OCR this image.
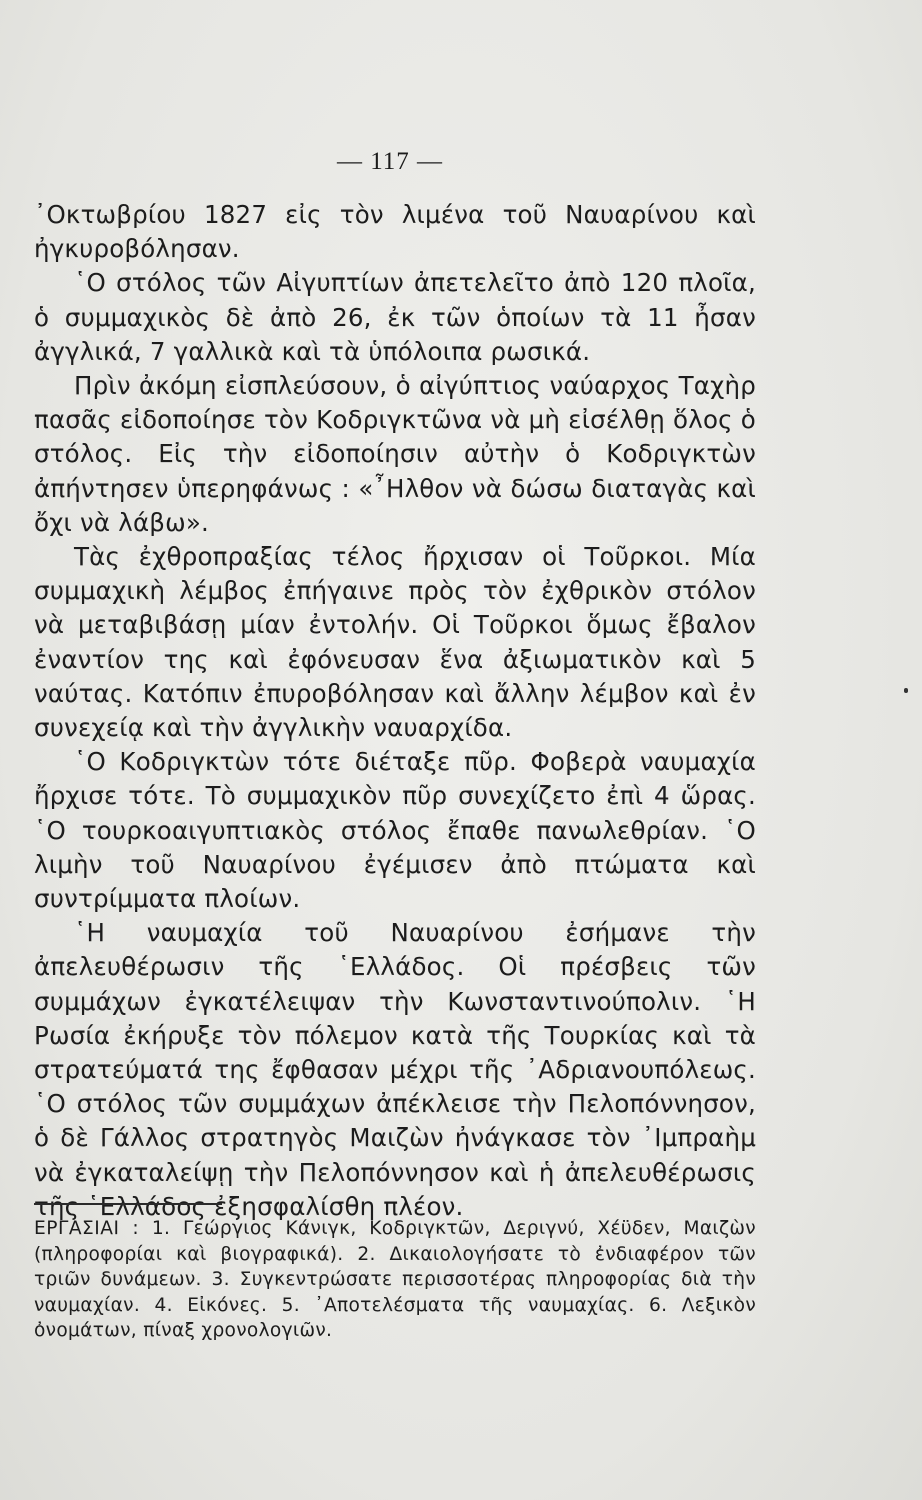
— 117 —

᾿Οκτωβρίου 1827 εἰς τὸν λιμένα τοῦ Ναυαρίνου καὶ ἠγκυροβόλησαν.

῾Ο στόλος τῶν Αἰγυπτίων ἀπετελεῖτο ἀπὸ 120 πλοῖα, ὁ συμμαχικὸς δὲ ἀπὸ 26, ἐκ τῶν ὁποίων τὰ 11 ἦσαν ἀγγλικά, 7 γαλλικὰ καὶ τὰ ὑπόλοιπα ρωσικά.

Πρὶν ἀκόμη εἰσπλεύσουν, ὁ αἰγύπτιος ναύαρχος Ταχὴρ πασᾶς εἰδοποίησε τὸν Κοδριγκτῶνα νὰ μὴ εἰσέλθῃ ὅλος ὁ στόλος. Εἰς τὴν εἰδοποίησιν αὐτὴν ὁ Κοδριγκτὼν ἀπήντησεν ὑπερηφάνως : «῏Ηλθον νὰ δώσω διαταγὰς καὶ ὄχι νὰ λάβω».

Τὰς ἐχθροπραξίας τέλος ἤρχισαν οἱ Τοῦρκοι. Μία συμμαχικὴ λέμβος ἐπήγαινε πρὸς τὸν ἐχθρικὸν στόλον νὰ μεταβιβάσῃ μίαν ἐντολήν. Οἱ Τοῦρκοι ὅμως ἔβαλον ἐναντίον της καὶ ἐφόνευσαν ἕνα ἀξιωματικὸν καὶ 5 ναύτας. Κατόπιν ἐπυροβόλησαν καὶ ἄλλην λέμβον καὶ ἐν συνεχείᾳ καὶ τὴν ἀγγλικὴν ναυαρχίδα.

῾Ο Κοδριγκτὼν τότε διέταξε πῦρ. Φοβερὰ ναυμαχία ἤρχισε τότε. Τὸ συμμαχικὸν πῦρ συνεχίζετο ἐπὶ 4 ὥρας. ῾Ο τουρκοαιγυπτιακὸς στόλος ἔπαθε πανωλεθρίαν. ῾Ο λιμὴν τοῦ Ναυαρίνου ἐγέμισεν ἀπὸ πτώματα καὶ συντρίμματα πλοίων.

῾Η ναυμαχία τοῦ Ναυαρίνου ἐσήμανε τὴν ἀπελευθέρωσιν τῆς ῾Ελλάδος. Οἱ πρέσβεις τῶν συμμάχων ἐγκατέλειψαν τὴν Κωνσταντινούπολιν. ῾Η Ρωσία ἐκήρυξε τὸν πόλεμον κατὰ τῆς Τουρκίας καὶ τὰ στρατεύματά της ἔφθασαν μέχρι τῆς ᾿Αδριανουπόλεως. ῾Ο στόλος τῶν συμμάχων ἀπέκλεισε τὴν Πελοπόννησον, ὁ δὲ Γάλλος στρατηγὸς Μαιζὼν ἠνάγκασε τὸν ᾿Ιμπραὴμ νὰ ἐγκαταλείψῃ τὴν Πελοπόννησον καὶ ἡ ἀπελευθέρωσις τῆς ῾Ελλάδος ἐξησφαλίσθη πλέον.

ΕΡΓΑΣΙΑΙ : 1. Γεώργιος Κάνιγκ, Κοδριγκτῶν, Δεριγνύ, Χέϋδεν, Μαιζὼν (πληροφορίαι καὶ βιογραφικά). 2. Δικαιολογήσατε τὸ ἐνδιαφέρον τῶν τριῶν δυνάμεων. 3. Συγκεντρώσατε περισσοτέρας πληροφορίας διὰ τὴν ναυμαχίαν. 4. Εἰκόνες. 5. ᾿Αποτελέσματα τῆς ναυμαχίας. 6. Λεξικὸν ὀνομάτων, πίναξ χρονολογιῶν.
